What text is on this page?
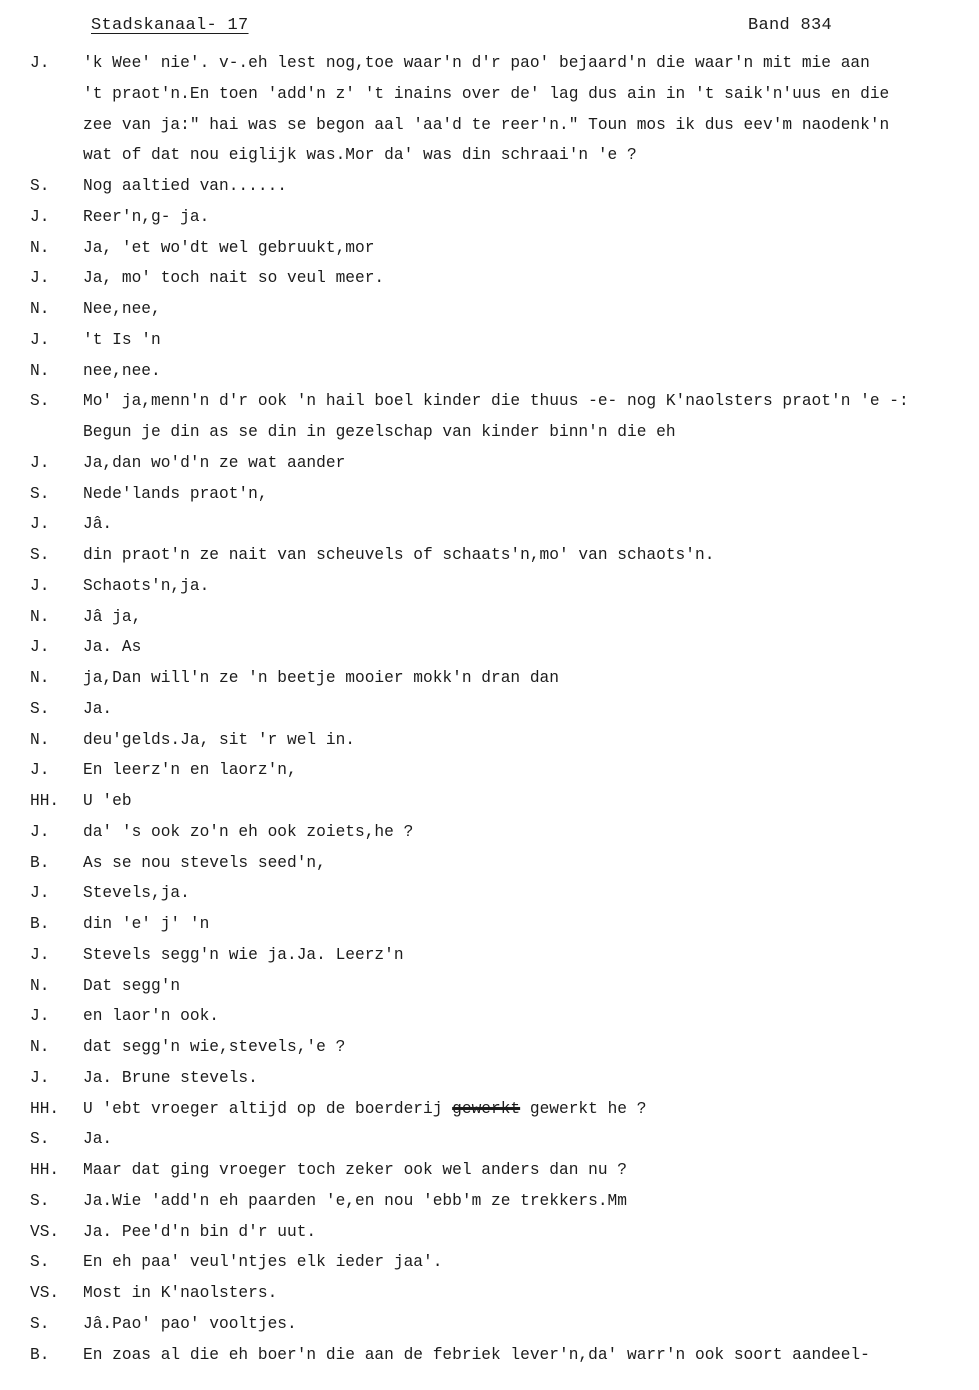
Stadskanaal- 17	Band 834
J. 'k Wee' nie'. v-.eh lest nog,toe waar'n d'r pao' bejaard'n die waar'n mit mie aan
't praot'n.En toen 'add'n z' 't inains over de' lag dus ain in 't saik'n'uus en die
zee van ja:" hai was se begon aal 'aa'd te reer'n." Toun mos ik dus eev'm naodenk'n
wat of dat nou eiglijk was.Mor da' was din schraai'n 'e ?
S. Nog aaltied van......
J. Reer'n,g- ja.
N. Ja, 'et wo'dt wel gebruukt,mor
J. Ja, mo' toch nait so veul meer.
N. Nee,nee,
J. 't Is 'n
N. nee,nee.
S. Mo' ja,menn'n d'r ook 'n hail boel kinder die thuus -e- nog K'naolsters praot'n 'e -:
Begun je din as se din in gezelschap van kinder binn'n die eh
J. Ja,dan wo'd'n ze wat aander
S. Nede'lands praot'n,
J. Jâ.
S. din praot'n ze nait van scheuvels of schaats'n,mo' van schaots'n.
J. Schaots'n,ja.
N. Jâ ja,
J. Ja. As
N. ja,Dan will'n ze 'n beetje mooier mokk'n dran dan
S. Ja.
N. deu'gelds.Ja, sit 'r wel in.
J. En leerz'n en laorz'n,
HH. U 'eb
J. da' 's ook zo'n eh ook zoiets,he ?
B. As se nou stevels seed'n,
J. Stevels,ja.
B. din 'e' j' 'n
J. Stevels segg'n wie ja.Ja. Leerz'n
N. Dat segg'n
J. en laor'n ook.
N. dat segg'n wie,stevels,'e ?
J. Ja. Brune stevels.
HH. U 'ebt vroeger altijd op de boerderij gewerkt gewerkt he ?
S. Ja.
HH. Maar dat ging vroeger toch zeker ook wel anders dan nu ?
S. Ja.Wie 'add'n eh paarden 'e,en nou 'ebb'm ze trekkers.Mm
VS. Ja. Pee'd'n bin d'r uut.
S. En eh paa' veul'ntjes elk ieder jaa'.
VS. Most in K'naolsters.
S. Jâ.Pao' pao' vooltjes.
B. En zoas al die eh boer'n die aan de febriek lever'n,da' warr'n ook soort aandeel-
